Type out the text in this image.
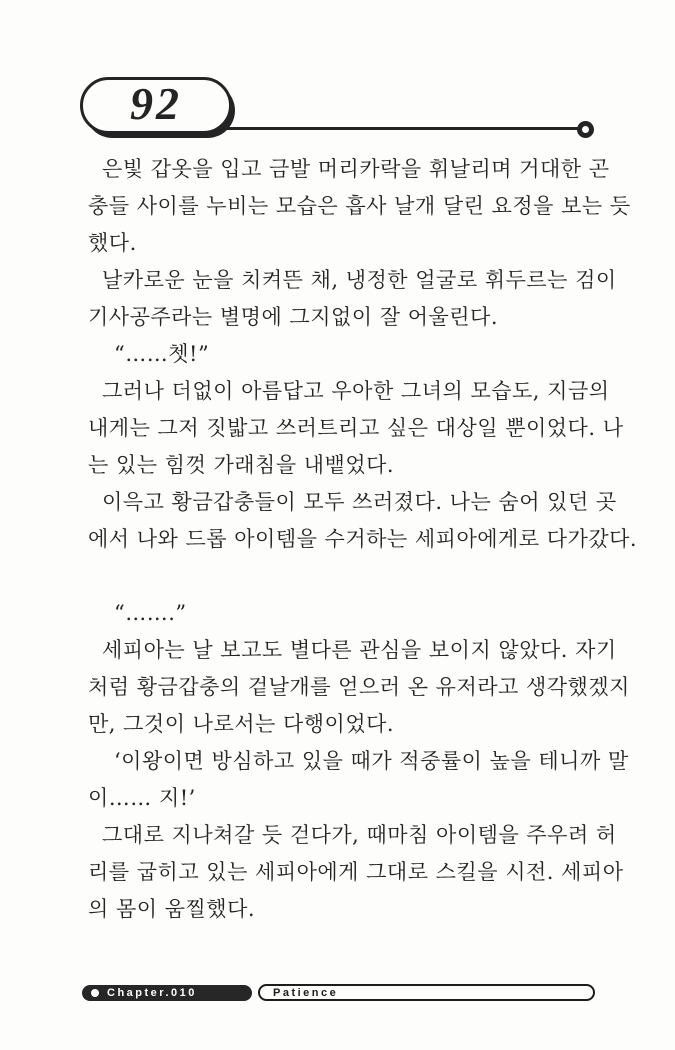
92
은빛 갑옷을 입고 금발 머리카락을 휘날리며 거대한 곤
충들 사이를 누비는 모습은 흡사 날개 달린 요정을 보는 듯
했다.
날카로운 눈을 치켜뜬 채, 냉정한 얼굴로 휘두르는 검이
기사공주라는 별명에 그지없이 잘 어울린다.
“……쳇!”
그러나 더없이 아름답고 우아한 그녀의 모습도, 지금의
내게는 그저 짓밟고 쓰러트리고 싶은 대상일 뿐이었다. 나
는 있는 힘껏 가래침을 내뱉었다.
이윽고 황금갑충들이 모두 쓰러졌다. 나는 숨어 있던 곳
에서 나와 드롭 아이템을 수거하는 세피아에게로 다가갔다.
“…….”
세피아는 날 보고도 별다른 관심을 보이지 않았다. 자기
처럼 황금갑충의 겉날개를 얻으러 온 유저라고 생각했겠지
만, 그것이 나로서는 다행이었다.
‘이왕이면 방심하고 있을 때가 적중률이 높을 테니까 말
이…… 지!’
그대로 지나쳐갈 듯 걷다가, 때마침 아이템을 주우려 허
리를 굽히고 있는 세피아에게 그대로 스킬을 시전. 세피아
의 몸이 움찔했다.
Chapter.010	Patience
